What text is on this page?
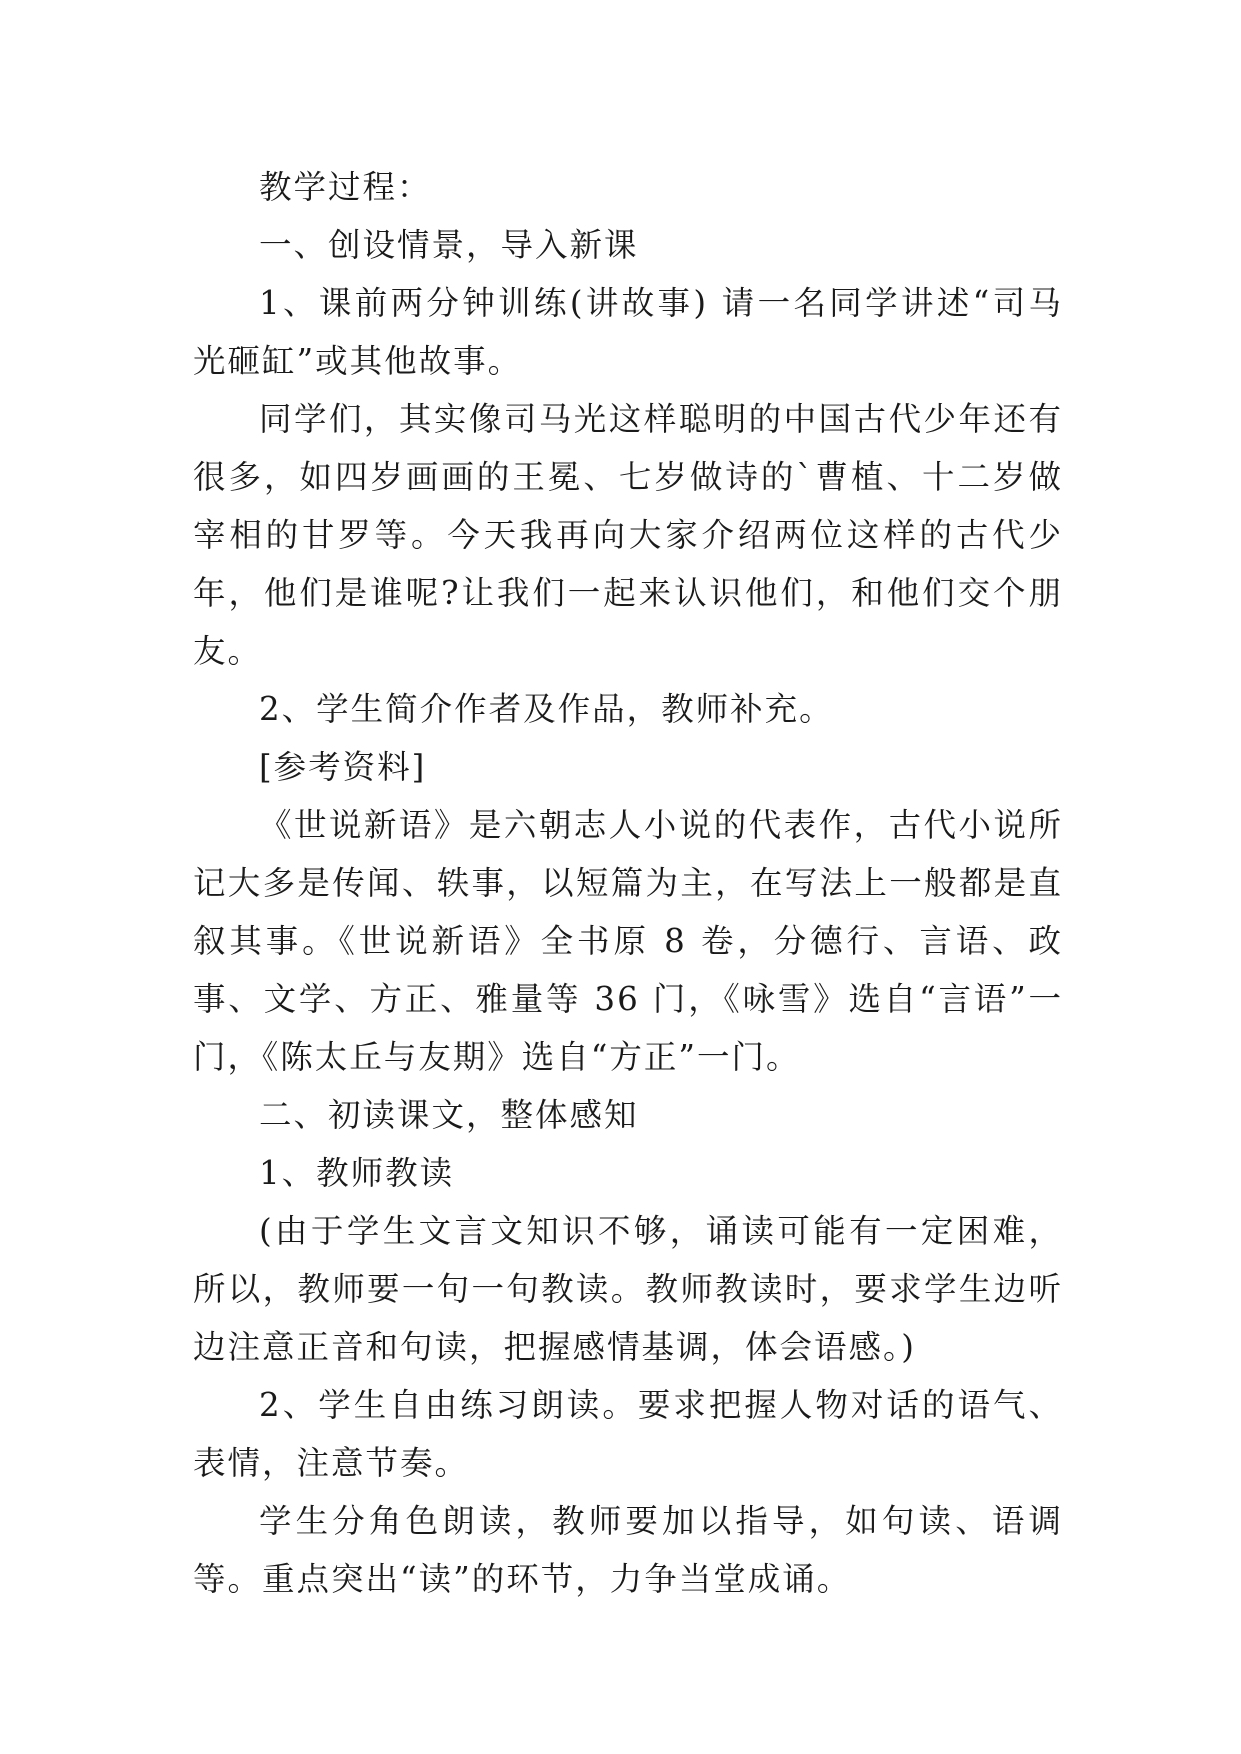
教学过程：

一、创设情景，导入新课

1、课前两分钟训练(讲故事) 请一名同学讲述“司马光砸缸”或其他故事。

同学们，其实像司马光这样聪明的中国古代少年还有很多，如四岁画画的王冕、七岁做诗的`曹植、十二岁做宰相的甘罗等。今天我再向大家介绍两位这样的古代少年，他们是谁呢?让我们一起来认识他们，和他们交个朋友。

2、学生简介作者及作品，教师补充。

[参考资料]

《世说新语》是六朝志人小说的代表作，古代小说所记大多是传闻、轶事，以短篇为主，在写法上一般都是直叙其事。《世说新语》全书原 8 卷，分德行、言语、政事、文学、方正、雅量等 36 门，《咏雪》选自“言语”一门，《陈太丘与友期》选自“方正”一门。

二、初读课文，整体感知

1、教师教读

(由于学生文言文知识不够，诵读可能有一定困难，所以，教师要一句一句教读。教师教读时，要求学生边听边注意正音和句读，把握感情基调，体会语感。)

2、学生自由练习朗读。要求把握人物对话的语气、表情，注意节奏。

学生分角色朗读，教师要加以指导，如句读、语调等。重点突出“读”的环节，力争当堂成诵。
